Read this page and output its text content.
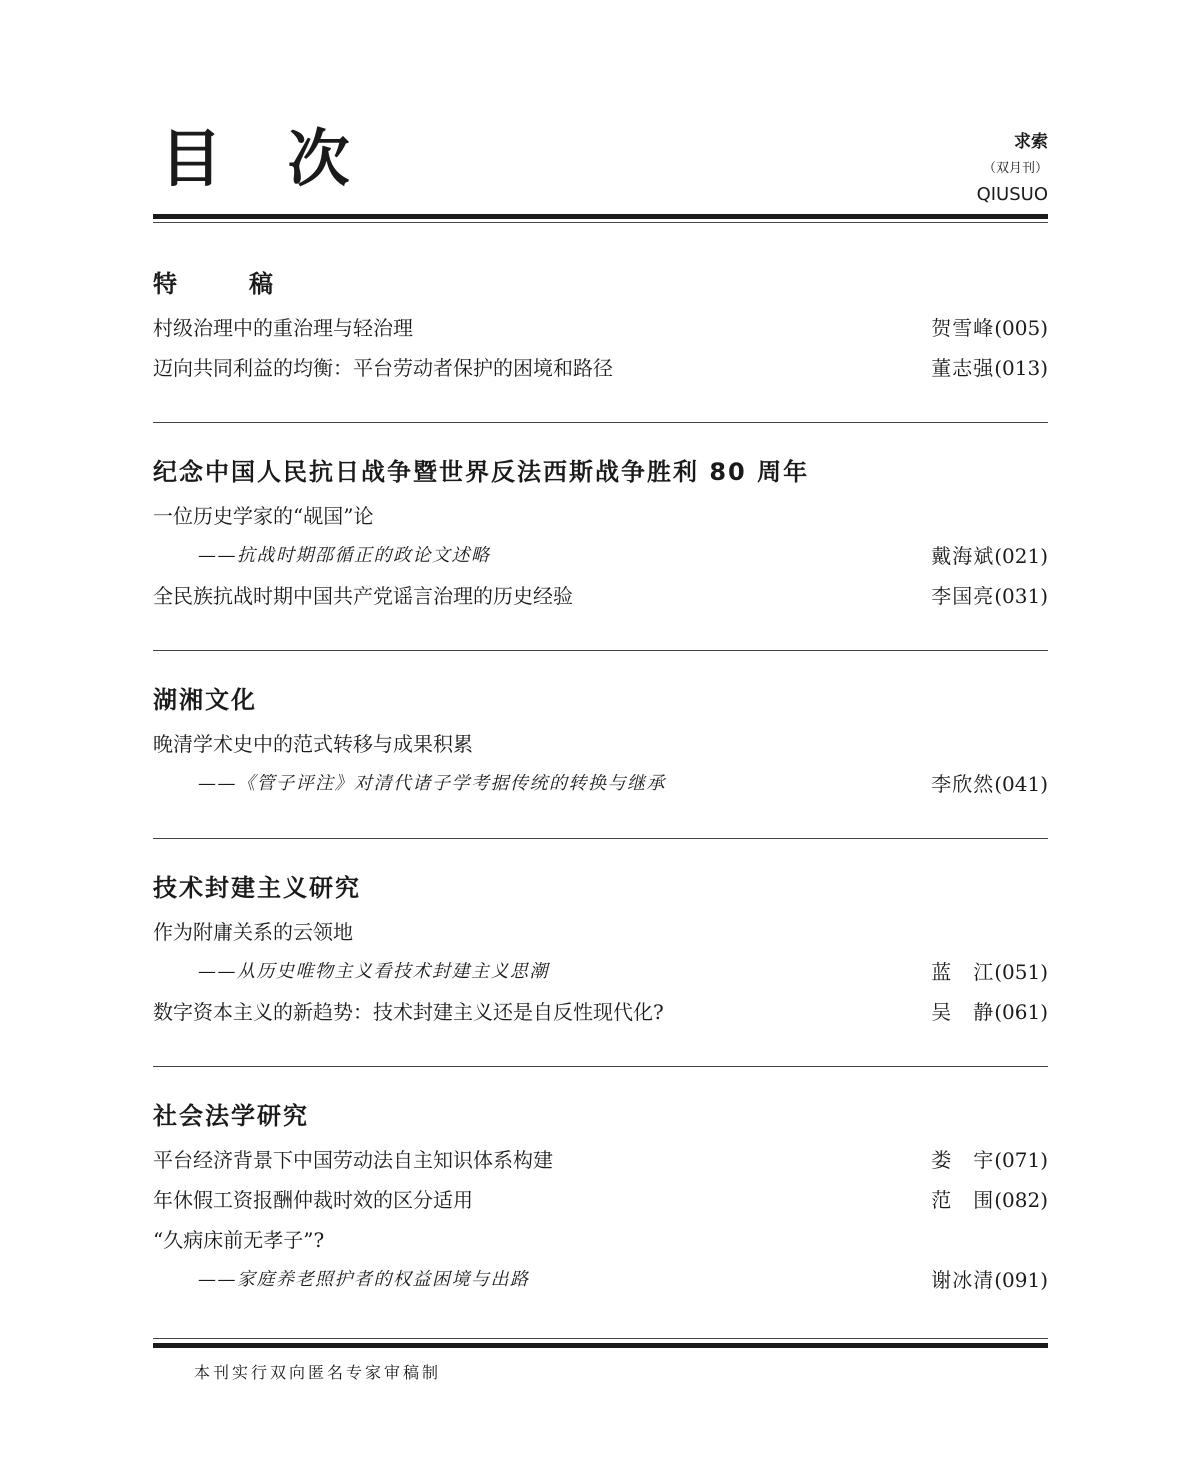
目 次	求索
（双月刊）
QIUSUO
特　稿
村级治理中的重治理与轻治理	贺雪峰(005)
迈向共同利益的均衡：平台劳动者保护的困境和路径	董志强(013)
纪念中国人民抗日战争暨世界反法西斯战争胜利 80 周年
一位历史学家的“觇国”论
——抗战时期邵循正的政论文述略	戴海斌(021)
全民族抗战时期中国共产党谣言治理的历史经验	李国亮(031)
湖湘文化
晚清学术史中的范式转移与成果积累
——《管子评注》对清代诸子学考据传统的转换与继承	李欣然(041)
技术封建主义研究
作为附庸关系的云领地
——从历史唯物主义看技术封建主义思潮	蓝　江(051)
数字资本主义的新趋势：技术封建主义还是自反性现代化?	吴　静(061)
社会法学研究
平台经济背景下中国劳动法自主知识体系构建	娄　宇(071)
年休假工资报酬仲裁时效的区分适用	范　围(082)
“久病床前无孝子”?
——家庭养老照护者的权益困境与出路	谢冰清(091)
本刊实行双向匿名专家审稿制
